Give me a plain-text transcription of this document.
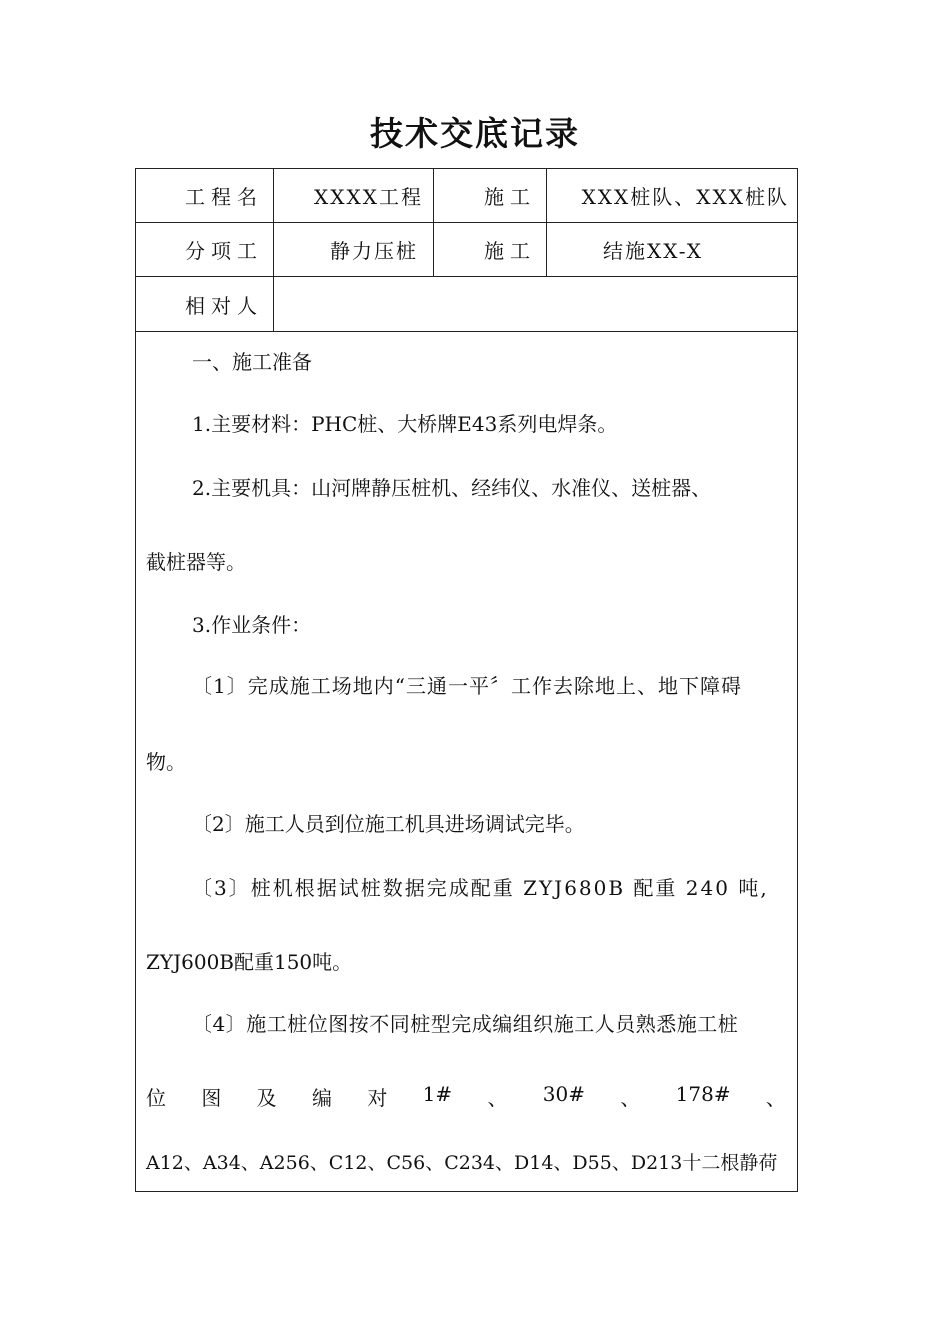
技术交底记录
工程名	XXXX工程	施工	XXX桩队、XXX桩队
分项工	静力压桩	施工	结施XX-X
相对人
一、施工准备
1.主要材料：PHC桩、大桥牌E43系列电焊条。
2.主要机具：山河牌静压桩机、经纬仪、水准仪、送桩器、
截桩器等。
3.作业条件：
〔1〕完成施工场地内“三通一平〞工作去除地上、地下障碍
物。
〔2〕施工人员到位施工机具进场调试完毕。
〔3〕桩机根据试桩数据完成配重 ZYJ680B 配重 240 吨,
ZYJ600B配重150吨。
〔4〕施工桩位图按不同桩型完成编组织施工人员熟悉施工桩
位 图 及 编 对 1# 、 30# 、 178# 、
A12、A34、A256、C12、C56、C234、D14、D55、D213十二根静荷
